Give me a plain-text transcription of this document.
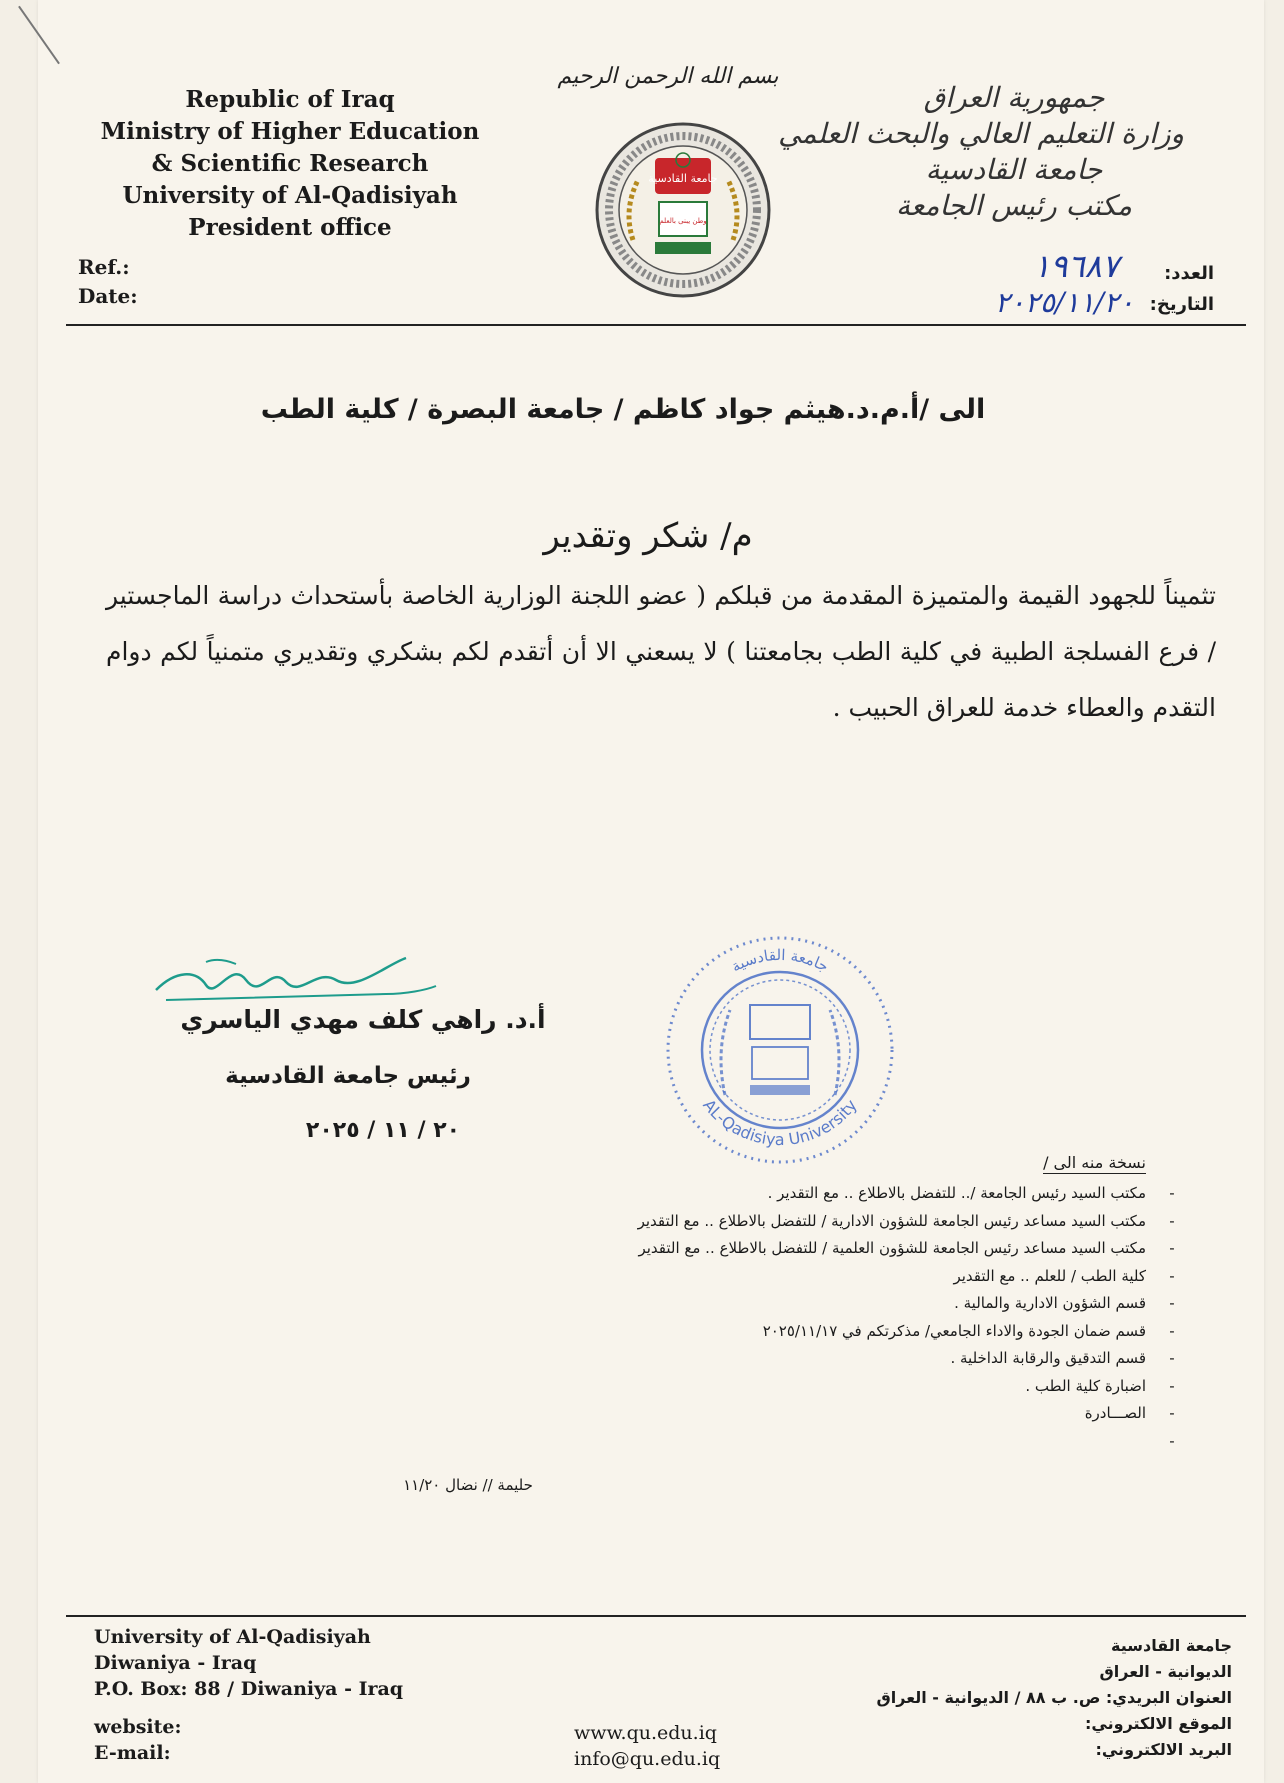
Republic of Iraq
Ministry of Higher Education
& Scientific Research
University of Al-Qadisiyah
President office
Ref.:
Date:
بسم الله الرحمن الرحيم
جامعة القادسية
وطن يبنى بالعلم
جمهورية العراق
وزارة التعليم العالي والبحث العلمي
جامعة القادسية
مكتب رئيس الجامعة
العدد:
١٩٦٨٧
التاريخ:
٢٠٢٥/١١/٢٠
الى /أ.م.د.هيثم جواد كاظم / جامعة البصرة / كلية الطب
م/ شكر وتقدير
تثميناً للجهود القيمة والمتميزة المقدمة من قبلكم ( عضو اللجنة الوزارية الخاصة بأستحداث دراسة الماجستير / فرع الفسلجة الطبية في كلية الطب بجامعتنا ) لا يسعني الا أن أتقدم لكم بشكري وتقديري متمنياً لكم دوام التقدم والعطاء خدمة للعراق الحبيب .
أ.د. راهي كلف مهدي الياسري
رئيس جامعة القادسية
٢٠ / ١١ / ٢٠٢٥
جامعة القادسية
AL-Qadisiya University
نسخة منه الى /
-
مكتب السيد رئيس الجامعة /.. للتفضل بالاطلاع .. مع التقدير .
-
مكتب السيد مساعد رئيس الجامعة للشؤون الادارية / للتفضل بالاطلاع .. مع التقدير
-
مكتب السيد مساعد رئيس الجامعة للشؤون العلمية / للتفضل بالاطلاع .. مع التقدير
-
كلية الطب / للعلم .. مع التقدير
-
قسم الشؤون الادارية والمالية .
-
قسم ضمان الجودة والاداء الجامعي/ مذكرتكم في ٢٠٢٥/١١/١٧
-
قسم التدقيق والرقابة الداخلية .
-
اضبارة كلية الطب .
-
الصـــادرة
-
حليمة // نضال ١١/٢٠
University of Al-Qadisiyah
Diwaniya - Iraq
P.O. Box: 88 / Diwaniya - Iraq
website:
E-mail:
www.qu.edu.iq
info@qu.edu.iq
جامعة القادسية
الديوانية - العراق
العنوان البريدي: ص. ب ٨٨ / الديوانية - العراق
الموقع الالكتروني:
البريد الالكتروني:
